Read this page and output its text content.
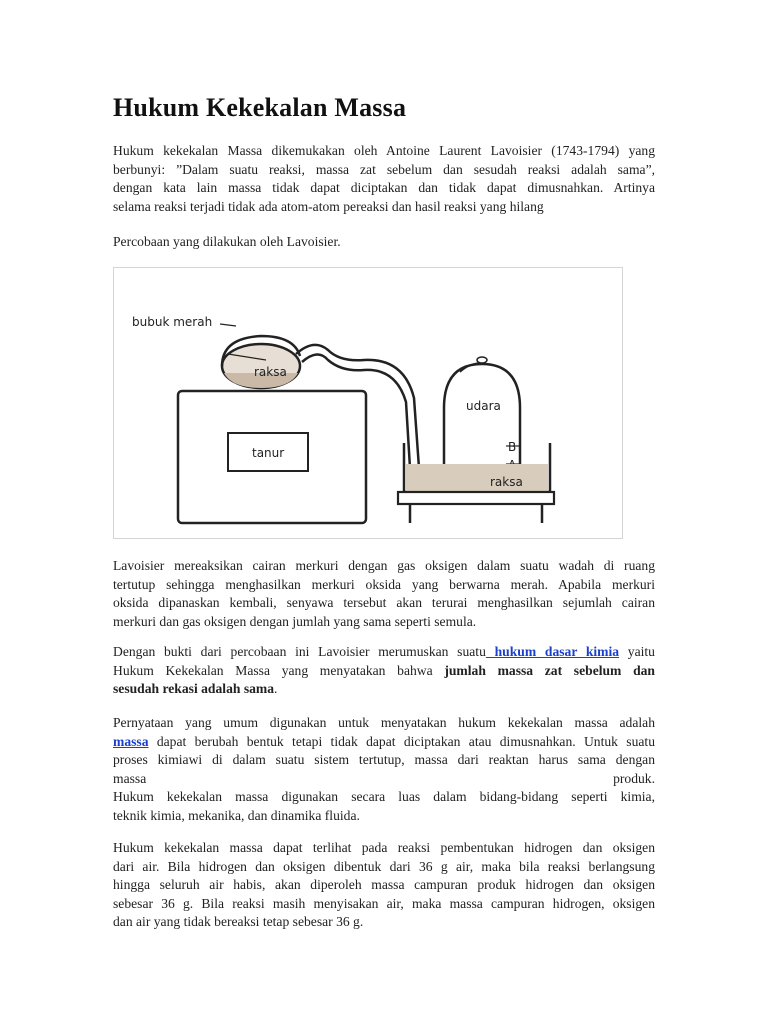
Hukum Kekekalan Massa

Hukum kekekalan Massa dikemukakan oleh Antoine Laurent Lavoisier (1743-1794) yang
berbunyi: ”Dalam suatu reaksi, massa zat sebelum dan sesudah reaksi adalah sama”,
dengan kata lain massa tidak dapat diciptakan dan tidak dapat dimusnahkan. Artinya
selama reaksi terjadi tidak ada atom-atom pereaksi dan hasil reaksi yang hilang

Percobaan yang dilakukan oleh Lavoisier.

tanur
raksa
bubuk merah
udara
B
raksa

Lavoisier mereaksikan cairan merkuri dengan gas oksigen dalam suatu wadah di ruang
tertutup sehingga menghasilkan merkuri oksida yang berwarna merah. Apabila merkuri
oksida dipanaskan kembali, senyawa tersebut akan terurai menghasilkan sejumlah cairan
merkuri dan gas oksigen dengan jumlah yang sama seperti semula.

Dengan bukti dari percobaan ini Lavoisier merumuskan suatu hukum dasar kimia yaitu
Hukum Kekekalan Massa yang menyatakan bahwa jumlah massa zat sebelum dan
sesudah rekasi adalah sama.

Pernyataan yang umum digunakan untuk menyatakan hukum kekekalan massa adalah
massa dapat berubah bentuk tetapi tidak dapat diciptakan atau dimusnahkan. Untuk suatu
proses kimiawi di dalam suatu sistem tertutup, massa dari reaktan harus sama dengan
massa	produk.
Hukum kekekalan massa digunakan secara luas dalam bidang-bidang seperti kimia,
teknik kimia, mekanika, dan dinamika fluida.

Hukum kekekalan massa dapat terlihat pada reaksi pembentukan hidrogen dan oksigen
dari air. Bila hidrogen dan oksigen dibentuk dari 36 g air, maka bila reaksi berlangsung
hingga seluruh air habis, akan diperoleh massa campuran produk hidrogen dan oksigen
sebesar 36 g. Bila reaksi masih menyisakan air, maka massa campuran hidrogen, oksigen
dan air yang tidak bereaksi tetap sebesar 36 g.
